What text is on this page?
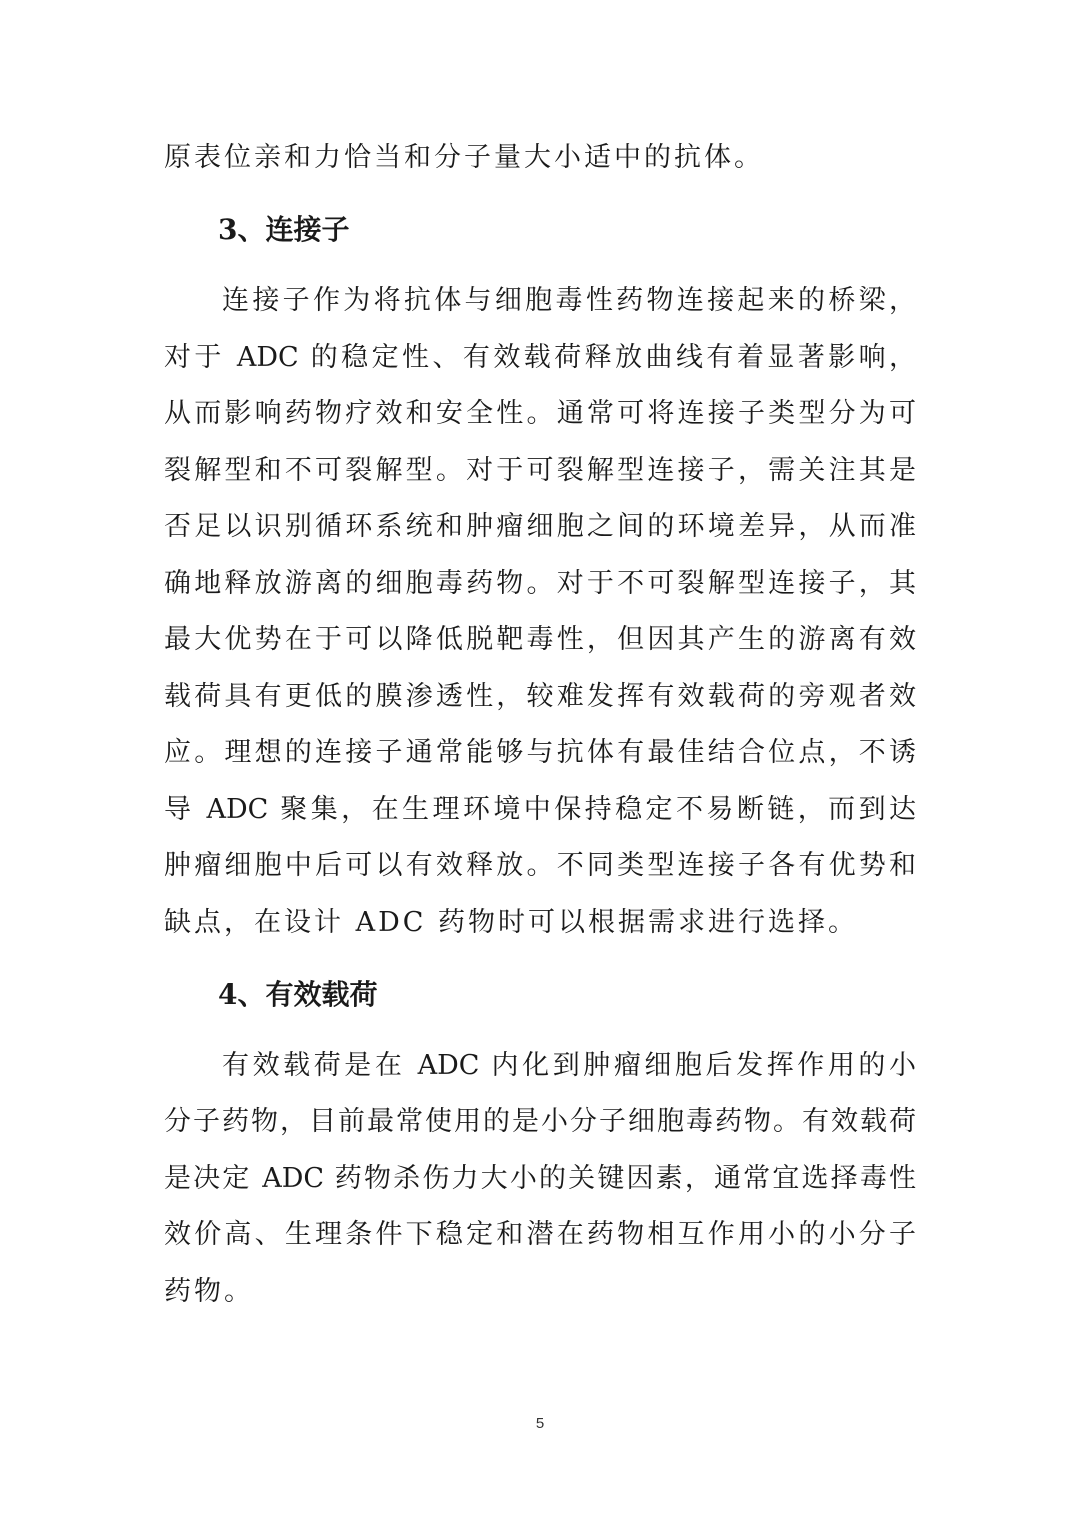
原表位亲和力恰当和分子量大小适中的抗体。
3、连接子
连接子作为将抗体与细胞毒性药物连接起来的桥梁，
对于 ADC 的稳定性、有效载荷释放曲线有着显著影响，
从而影响药物疗效和安全性。通常可将连接子类型分为可
裂解型和不可裂解型。对于可裂解型连接子，需关注其是
否足以识别循环系统和肿瘤细胞之间的环境差异，从而准
确地释放游离的细胞毒药物。对于不可裂解型连接子，其
最大优势在于可以降低脱靶毒性，但因其产生的游离有效
载荷具有更低的膜渗透性，较难发挥有效载荷的旁观者效
应。理想的连接子通常能够与抗体有最佳结合位点，不诱
导 ADC 聚集，在生理环境中保持稳定不易断链，而到达
肿瘤细胞中后可以有效释放。不同类型连接子各有优势和
缺点，在设计 ADC 药物时可以根据需求进行选择。
4、有效载荷
有效载荷是在 ADC 内化到肿瘤细胞后发挥作用的小
分子药物，目前最常使用的是小分子细胞毒药物。有效载荷
是决定 ADC 药物杀伤力大小的关键因素，通常宜选择毒性
效价高、生理条件下稳定和潜在药物相互作用小的小分子
药物。
5
